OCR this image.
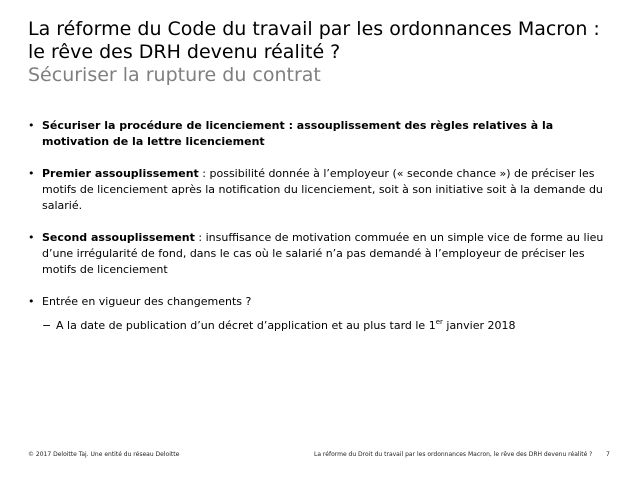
La réforme du Code du travail par les ordonnances Macron : le rêve des DRH devenu réalité ?
Sécuriser la rupture du contrat
• Sécuriser la procédure de licenciement : assouplissement des règles relatives à la motivation de la lettre licenciement
• Premier assouplissement : possibilité donnée à l’employeur (« seconde chance ») de préciser les motifs de licenciement après la notification du licenciement, soit à son initiative soit à la demande du salarié.
• Second assouplissement : insuffisance de motivation commuée en un simple vice de forme au lieu d’une irrégularité de fond, dans le cas où le salarié n’a pas demandé à l’employeur de préciser les motifs de licenciement
• Entrée en vigueur des changements ?
− A la date de publication d’un décret d’application et au plus tard le 1er janvier 2018
© 2017 Deloitte Taj. Une entité du réseau Deloitte	La réforme du Droit du travail par les ordonnances Macron, le rêve des DRH devenu réalité ? 7
